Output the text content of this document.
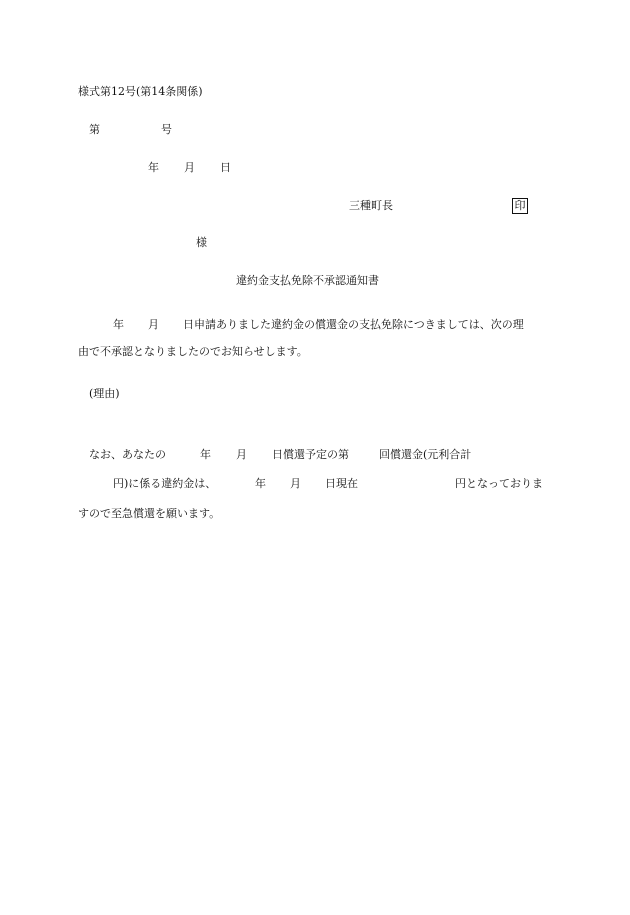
様式第12号(第14条関係)
第	号
年 月 日
三種町長	印
様
違約金支払免除不承認通知書
年 月 日申請ありました違約金の償還金の支払免除につきましては、次の理
由で不承認となりましたのでお知らせします。
(理由)
なお、あなたの	年 月 日償還予定の第	回償還金(元利合計
円)に係る違約金は、	年 月 日現在	円となっておりま
すので至急償還を願います。
